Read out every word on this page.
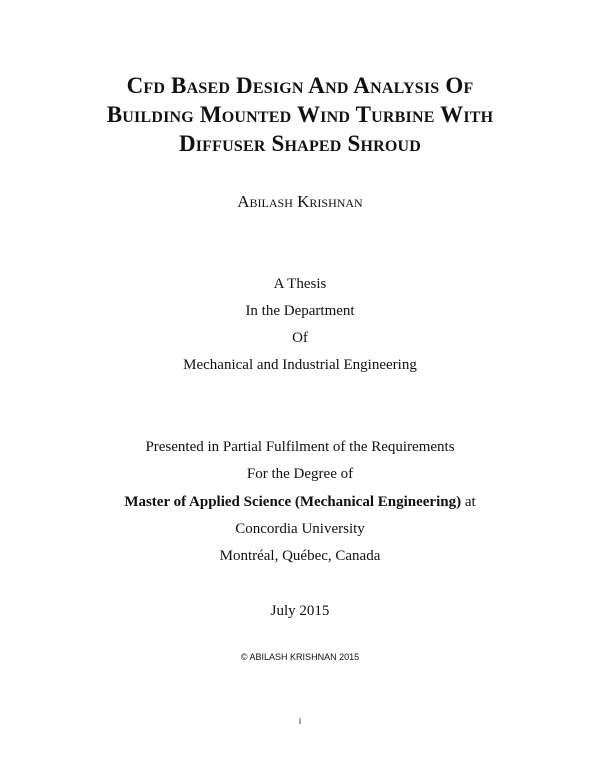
Cfd Based Design And Analysis Of
Building Mounted Wind Turbine With
Diffuser Shaped Shroud
Abilash Krishnan
A Thesis
In the Department
Of
Mechanical and Industrial Engineering
Presented in Partial Fulfilment of the Requirements
For the Degree of
Master of Applied Science (Mechanical Engineering) at
Concordia University
Montréal, Québec, Canada
July 2015
© ABILASH KRISHNAN 2015
i
